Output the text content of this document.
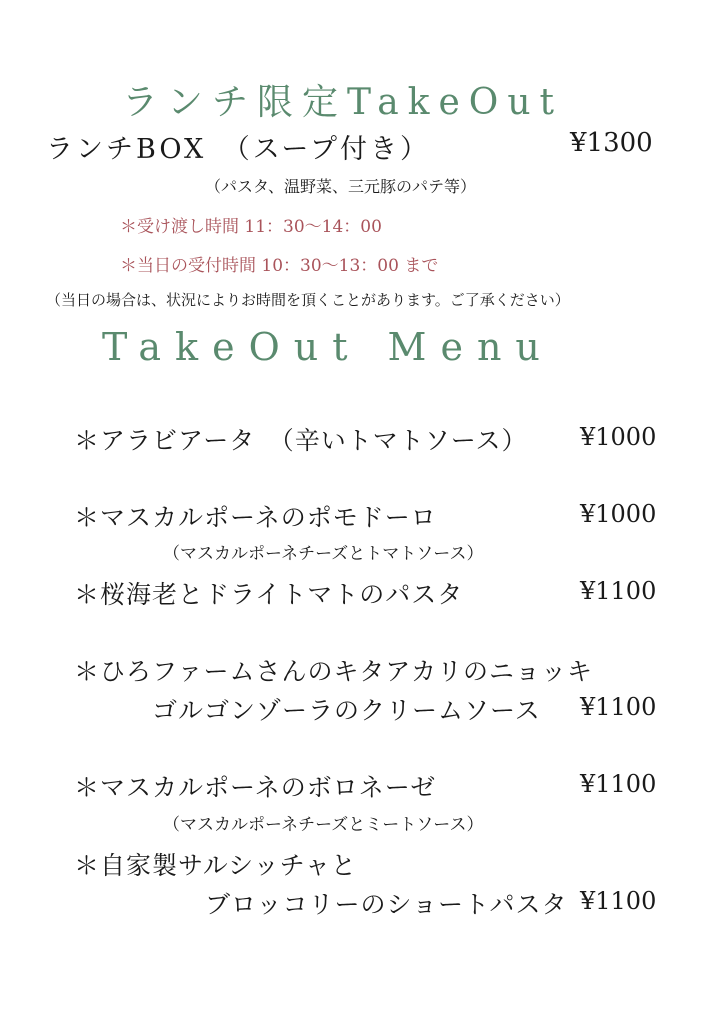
ランチ限定TakeOut
ランチBOX　（スープ付き）	¥1300
（パスタ、温野菜、三元豚のパテ等）
＊受け渡し時間 11：30〜14：00
＊当日の受付時間 10：30〜13：00 まで
（当日の場合は、状況によりお時間を頂くことがあります。ご了承ください）
TakeOut Menu
＊アラビアータ　（辛いトマトソース） ¥1000
＊マスカルポーネのポモドーロ	¥1000
（マスカルポーネチーズとトマトソース）
＊桜海老とドライトマトのパスタ	¥1100
＊ひろファームさんのキタアカリのニョッキ
ゴルゴンゾーラのクリームソース ¥1100
＊マスカルポーネのボロネーゼ	¥1100
（マスカルポーネチーズとミートソース）
＊自家製サルシッチャと
ブロッコリーのショートパスタ ¥1100
